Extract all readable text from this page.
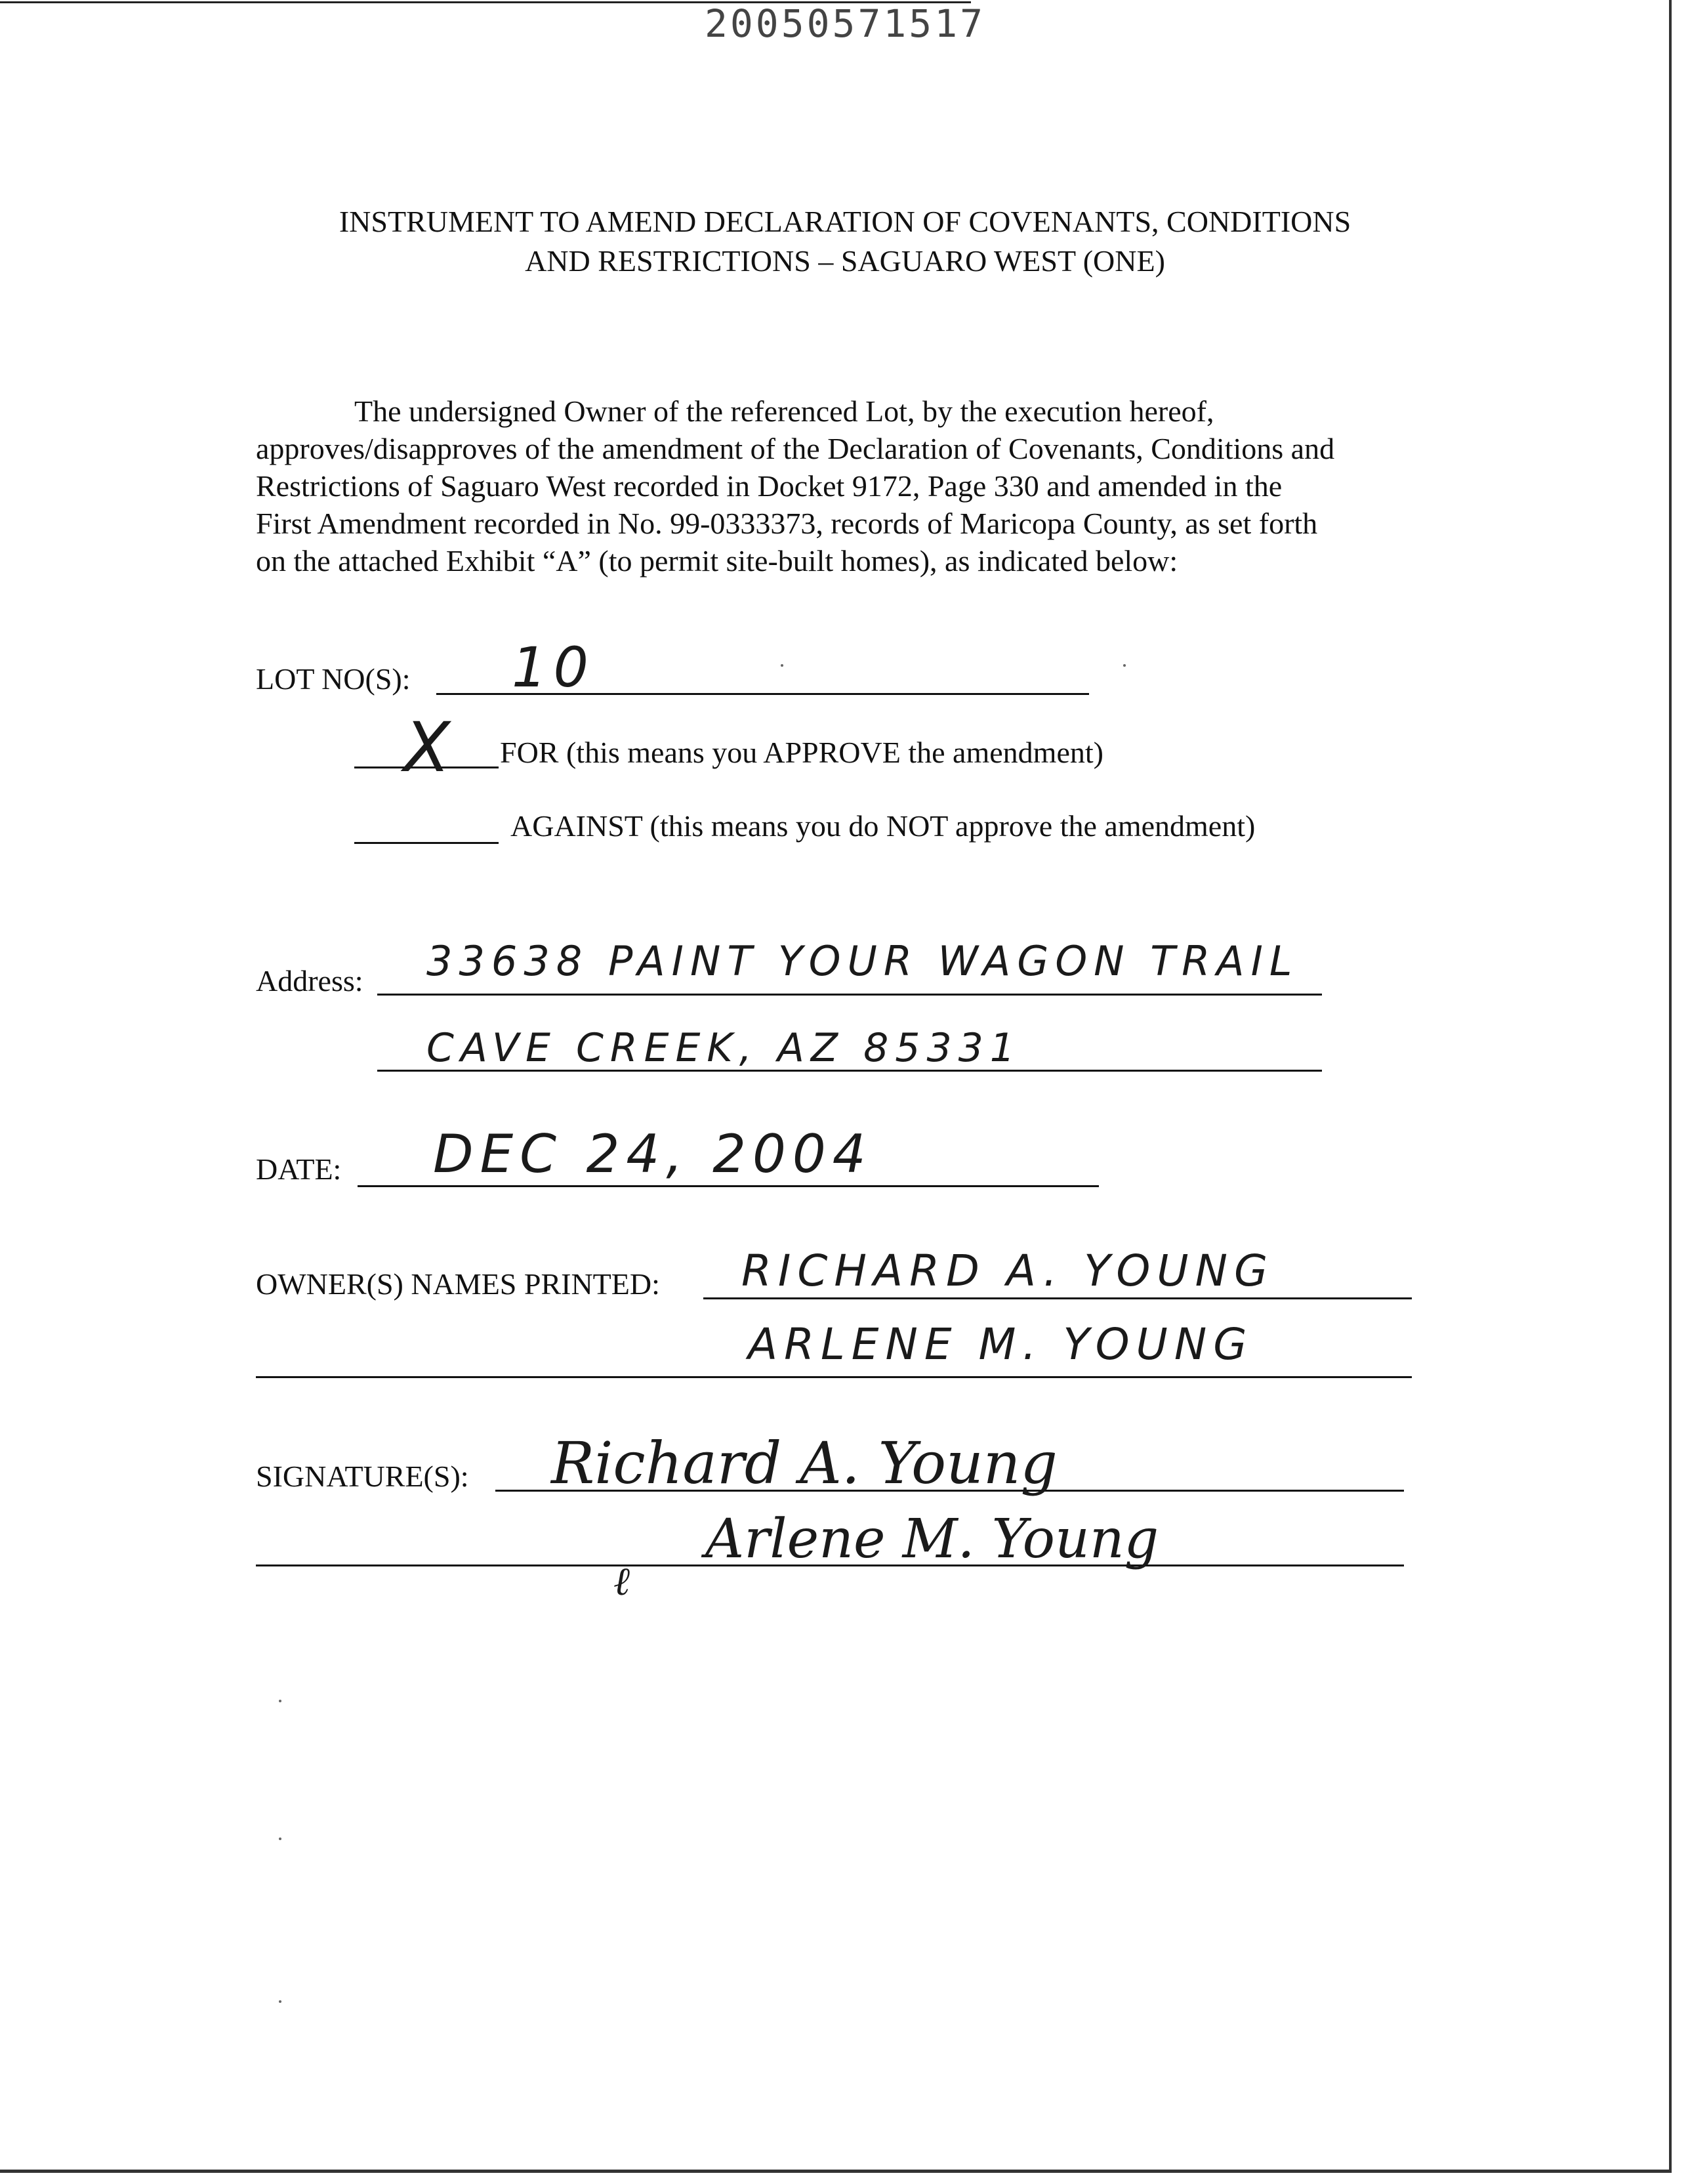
20050571517
INSTRUMENT TO AMEND DECLARATION OF COVENANTS, CONDITIONS
AND RESTRICTIONS – SAGUARO WEST (ONE)
The undersigned Owner of the referenced Lot, by the execution hereof,
approves/disapproves of the amendment of the Declaration of Covenants, Conditions and
Restrictions of Saguaro West recorded in Docket 9172, Page 330 and amended in the
First Amendment recorded in No. 99-0333373, records of Maricopa County, as set forth
on the attached Exhibit “A” (to permit site-built homes), as indicated below:
LOT NO(S): 10
X FOR (this means you APPROVE the amendment)
AGAINST (this means you do NOT approve the amendment)
Address: 33638 PAINT YOUR WAGON TRAIL
CAVE CREEK, AZ 85331
DATE: DEC 24, 2004
OWNER(S) NAMES PRINTED: RICHARD A. YOUNG
ARLENE M. YOUNG
SIGNATURE(S): Richard A. Young
Arlene M. Young
ℓ
